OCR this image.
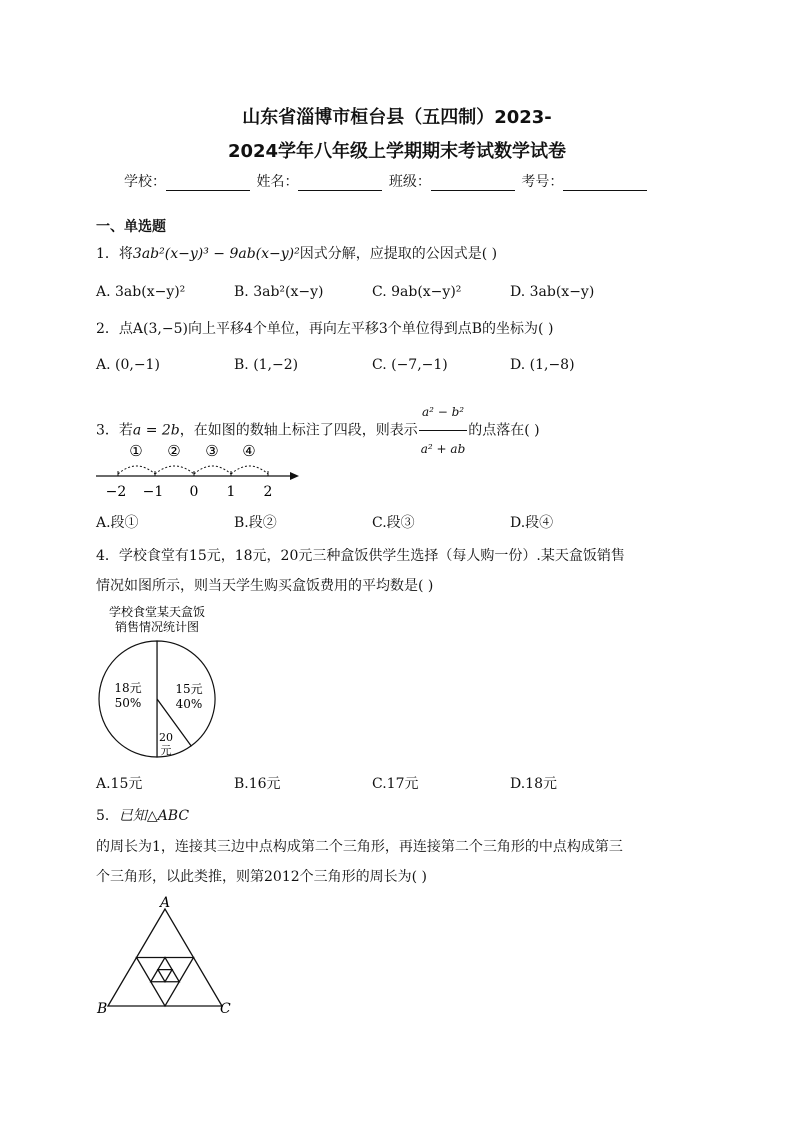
山东省淄博市桓台县（五四制）2023-
2024学年八年级上学期期末考试数学试卷
学校：	姓名：	班级：	考号：
一、单选题
1．将3ab²(x−y)³ − 9ab(x−y)²因式分解，应提取的公因式是( )
A. 3ab(x−y)²	B. 3ab²(x−y)	C. 9ab(x−y)²	D. 3ab(x−y)
2．点A(3,−5)向上平移4个单位，再向左平移3个单位得到点B的坐标为( )
A. (0,−1)	B. (1,−2)	C. (−7,−1)	D. (1,−8)
3．若a = 2b，在如图的数轴上标注了四段，则表示 $\frac{\text{a² − b²}}{\text{a² + ab}}$ 的点落在( )
① ② ③ ④
−2 −1 0 1 2
A.段①	B.段②	C.段③	D.段④
4．学校食堂有15元，18元，20元三种盒饭供学生选择（每人购一份）.某天盒饭销售
情况如图所示，则当天学生购买盒饭费用的平均数是( )
学校食堂某天盒饭
销售情况统计图
18元
50%
15元
40%
20
元
A.15元	B.16元	C.17元	D.18元
5．已知△ABC
的周长为1，连接其三边中点构成第二个三角形，再连接第二个三角形的中点构成第三
个三角形，以此类推，则第2012个三角形的周长为( )
A
B	C
